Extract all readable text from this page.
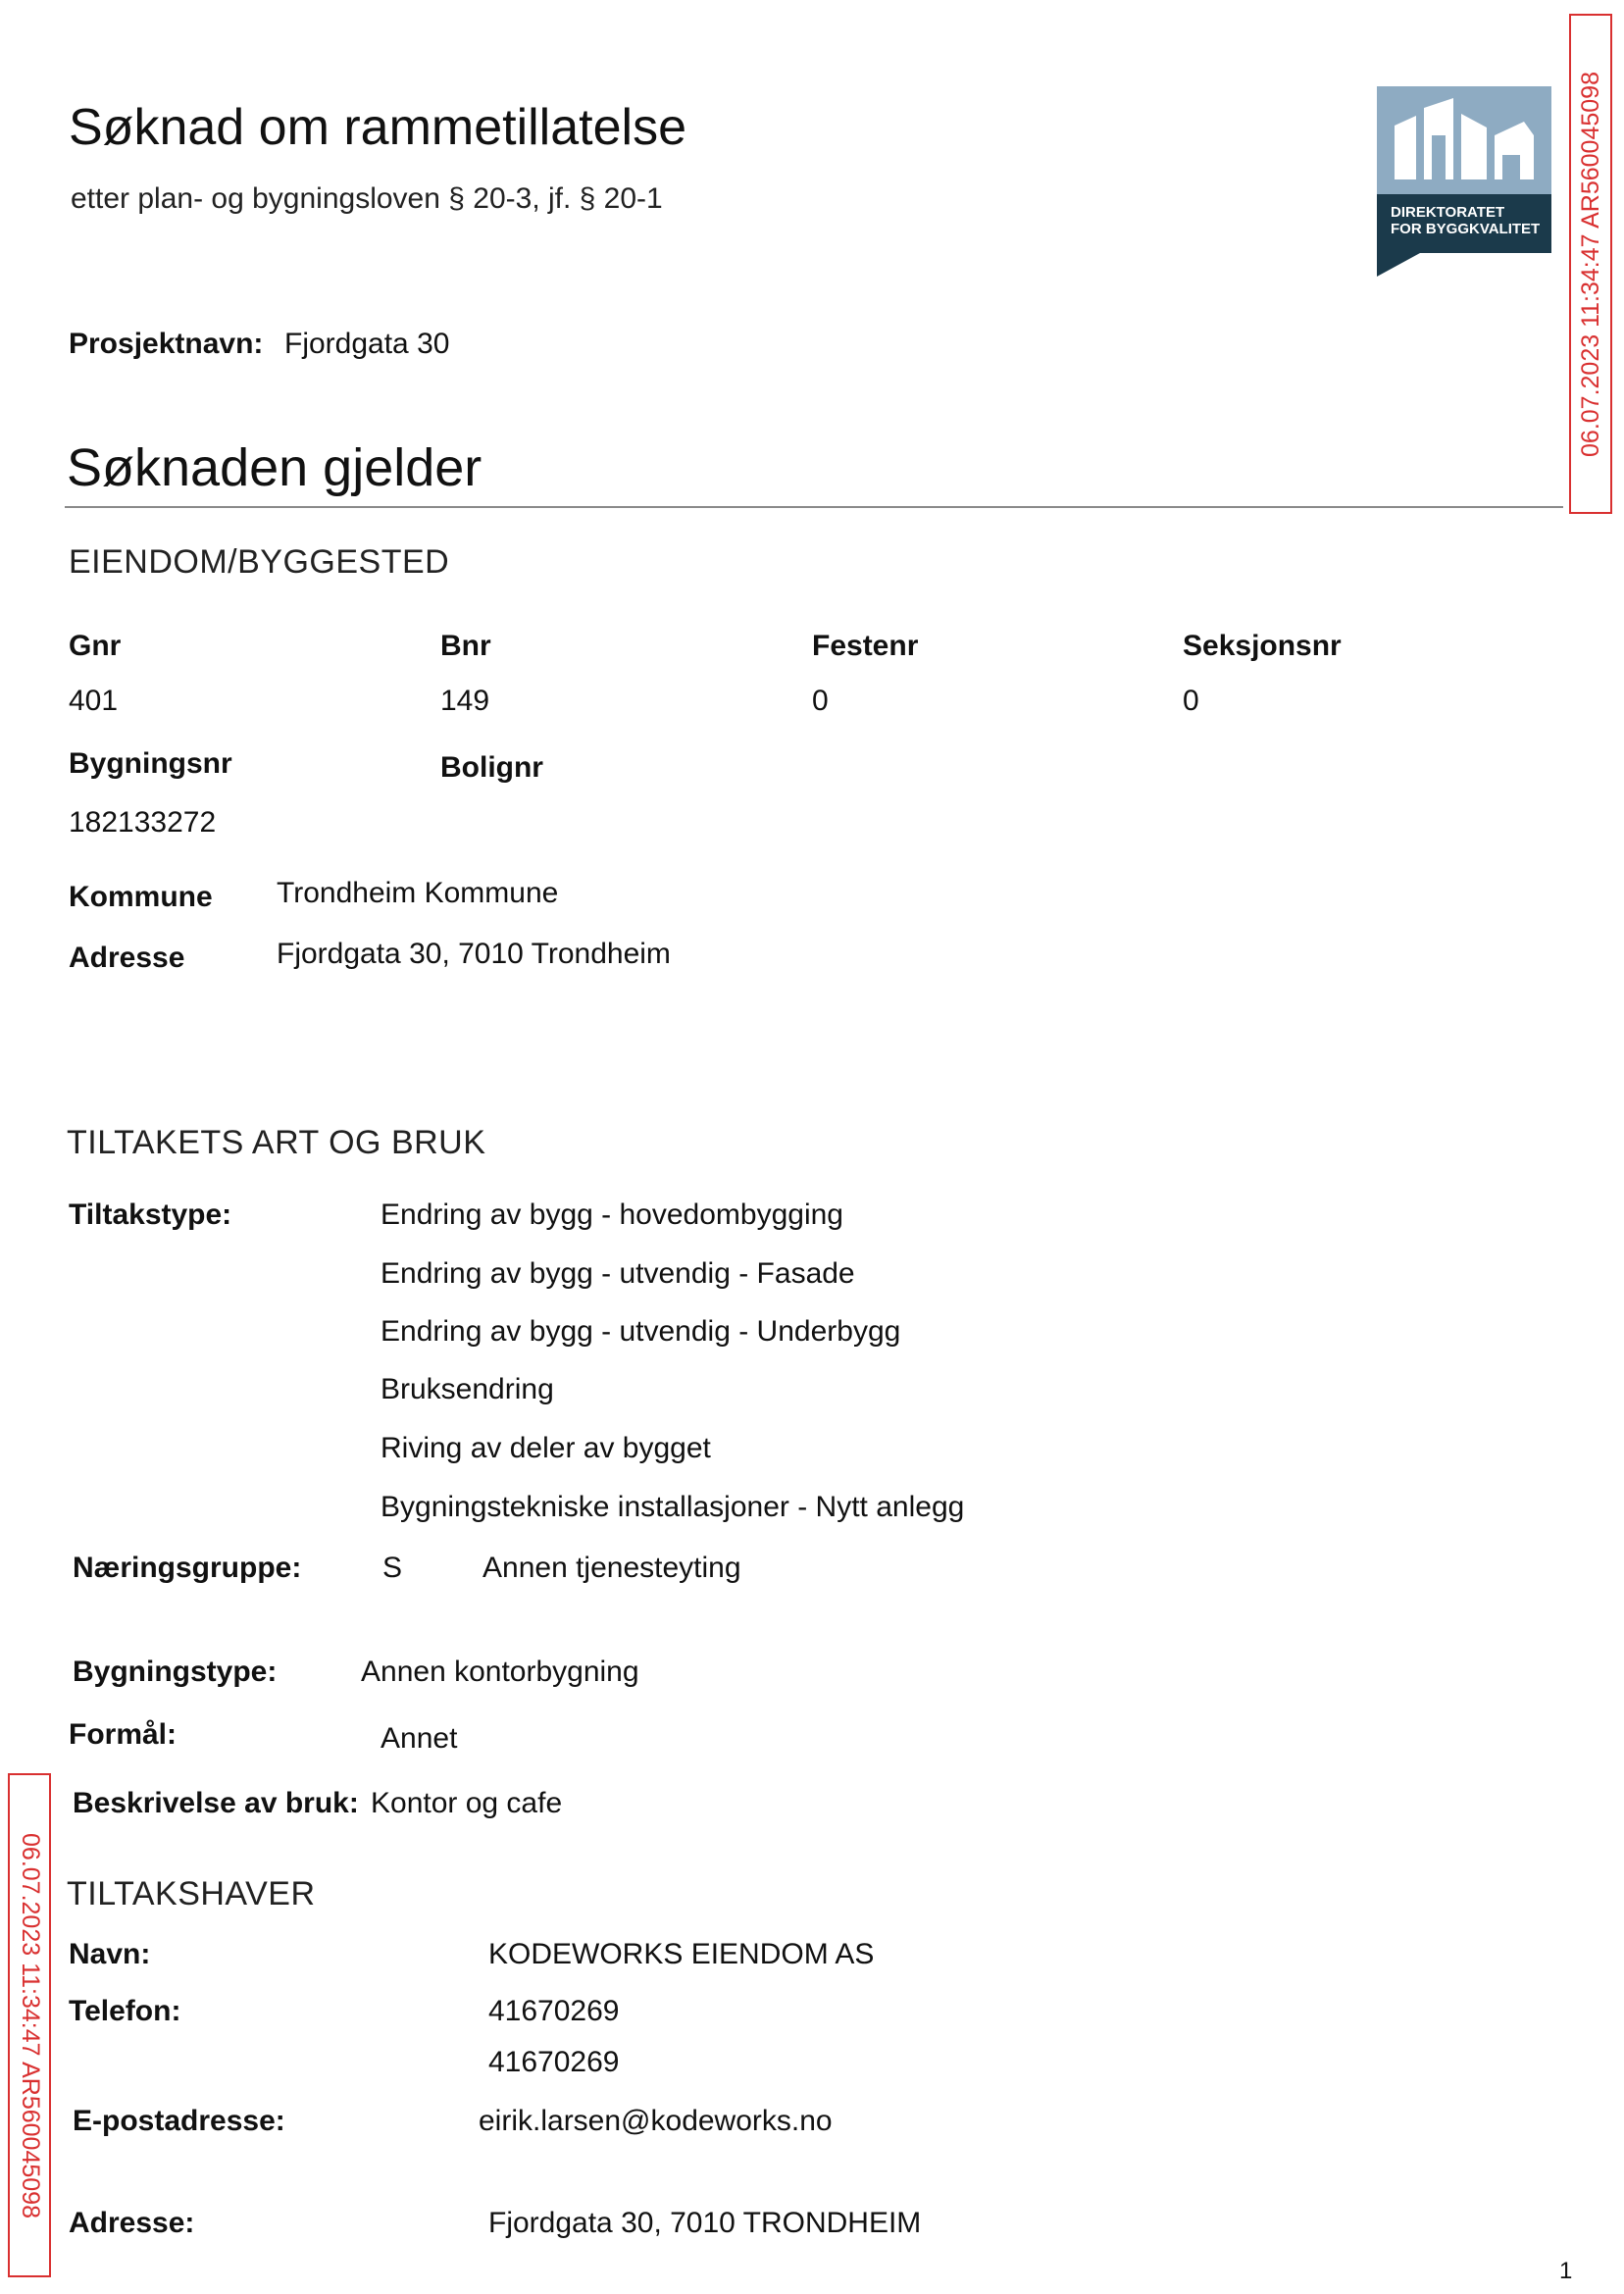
Søknad om rammetillatelse
etter plan- og bygningsloven § 20-3, jf. § 20-1	DIREKTORATET
FOR BYGGKVALITET	06.07.2023 11:34:47 AR560045098
06.07.2023 11:34:47 AR560045098
Prosjektnavn: Fjordgata 30
Søknaden gjelder
EIENDOM/BYGGESTED
Gnr	Bnr	Festenr	Seksjonsnr
401	149	0	0
Bygningsnr	Bolignr
182133272
Kommune Trondheim Kommune
Adresse	Fjordgata 30, 7010 Trondheim
TILTAKETS ART OG BRUK
Tiltakstype:	Endring av bygg - hovedombygging
Endring av bygg - utvendig - Fasade
Endring av bygg - utvendig - Underbygg
Bruksendring
Riving av deler av bygget
Bygningstekniske installasjoner - Nytt anlegg
Næringsgruppe:	S	Annen tjenesteyting
Bygningstype:	Annen kontorbygning
Formål:	Annet
Beskrivelse av bruk: Kontor og cafe
TILTAKSHAVER
Navn:	KODEWORKS EIENDOM AS
Telefon:	41670269
41670269
E-postadresse:	eirik.larsen@kodeworks.no
Adresse:	Fjordgata 30, 7010 TRONDHEIM
1
